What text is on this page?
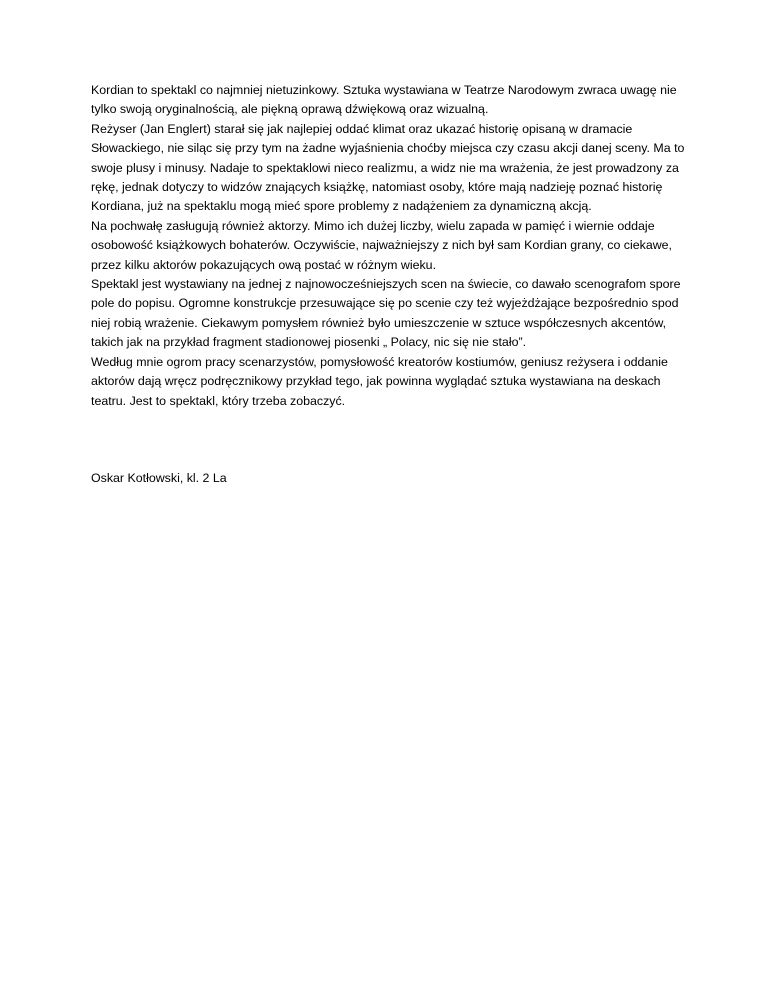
Kordian to spektakl co najmniej nietuzinkowy. Sztuka wystawiana w Teatrze Narodowym zwraca uwagę nie tylko swoją oryginalnością, ale piękną oprawą dźwiękową oraz wizualną.

Reżyser (Jan Englert) starał się jak najlepiej oddać klimat oraz ukazać historię opisaną w dramacie Słowackiego, nie siląc się przy tym na żadne wyjaśnienia choćby miejsca czy czasu akcji danej sceny. Ma to swoje plusy i minusy. Nadaje to spektaklowi nieco realizmu, a widz nie ma wrażenia, że jest prowadzony za rękę, jednak dotyczy to widzów znających książkę, natomiast osoby, które mają nadzieję poznać historię Kordiana, już na spektaklu mogą mieć spore problemy z nadążeniem za dynamiczną akcją.

Na pochwałę zasługują również aktorzy. Mimo ich dużej liczby, wielu zapada w pamięć i wiernie oddaje osobowość książkowych bohaterów. Oczywiście, najważniejszy z nich był sam Kordian grany, co ciekawe, przez kilku aktorów pokazujących ową postać w różnym wieku.

Spektakl jest wystawiany na jednej z najnowocześniejszych scen na świecie, co dawało scenografom spore pole do popisu. Ogromne konstrukcje przesuwające się po scenie czy też wyjeżdżające bezpośrednio spod niej robią wrażenie. Ciekawym pomysłem również było umieszczenie w sztuce współczesnych akcentów, takich jak na przykład fragment stadionowej piosenki „ Polacy, nic się nie stało”.

Według mnie ogrom pracy scenarzystów, pomysłowość kreatorów kostiumów, geniusz reżysera i oddanie aktorów dają wręcz podręcznikowy przykład tego, jak powinna wyglądać sztuka wystawiana na deskach teatru. Jest to spektakl, który trzeba zobaczyć.

Oskar Kotłowski, kl. 2 La
